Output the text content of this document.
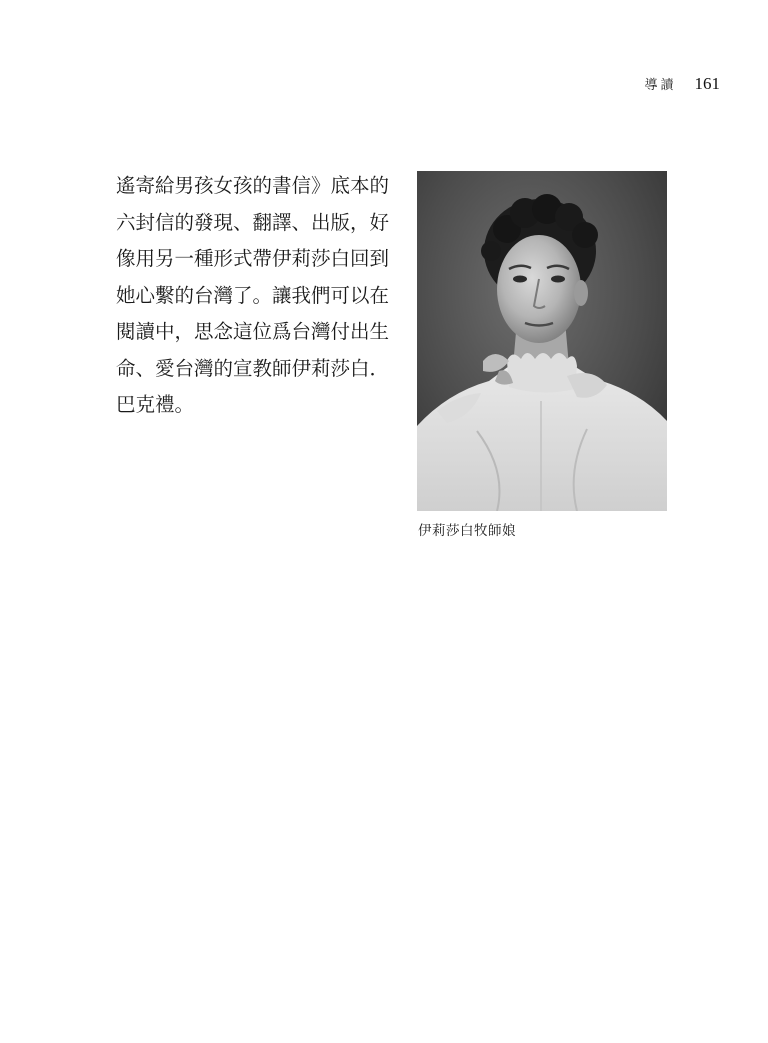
導讀 161
遙寄給男孩女孩的書信》底本的
六封信的發現、翻譯、出版，好
像用另一種形式帶伊莉莎白回到
她心繫的台灣了。讓我們可以在
閱讀中，思念這位爲台灣付出生
命、愛台灣的宣教師伊莉莎白．
巴克禮。
伊莉莎白牧師娘
